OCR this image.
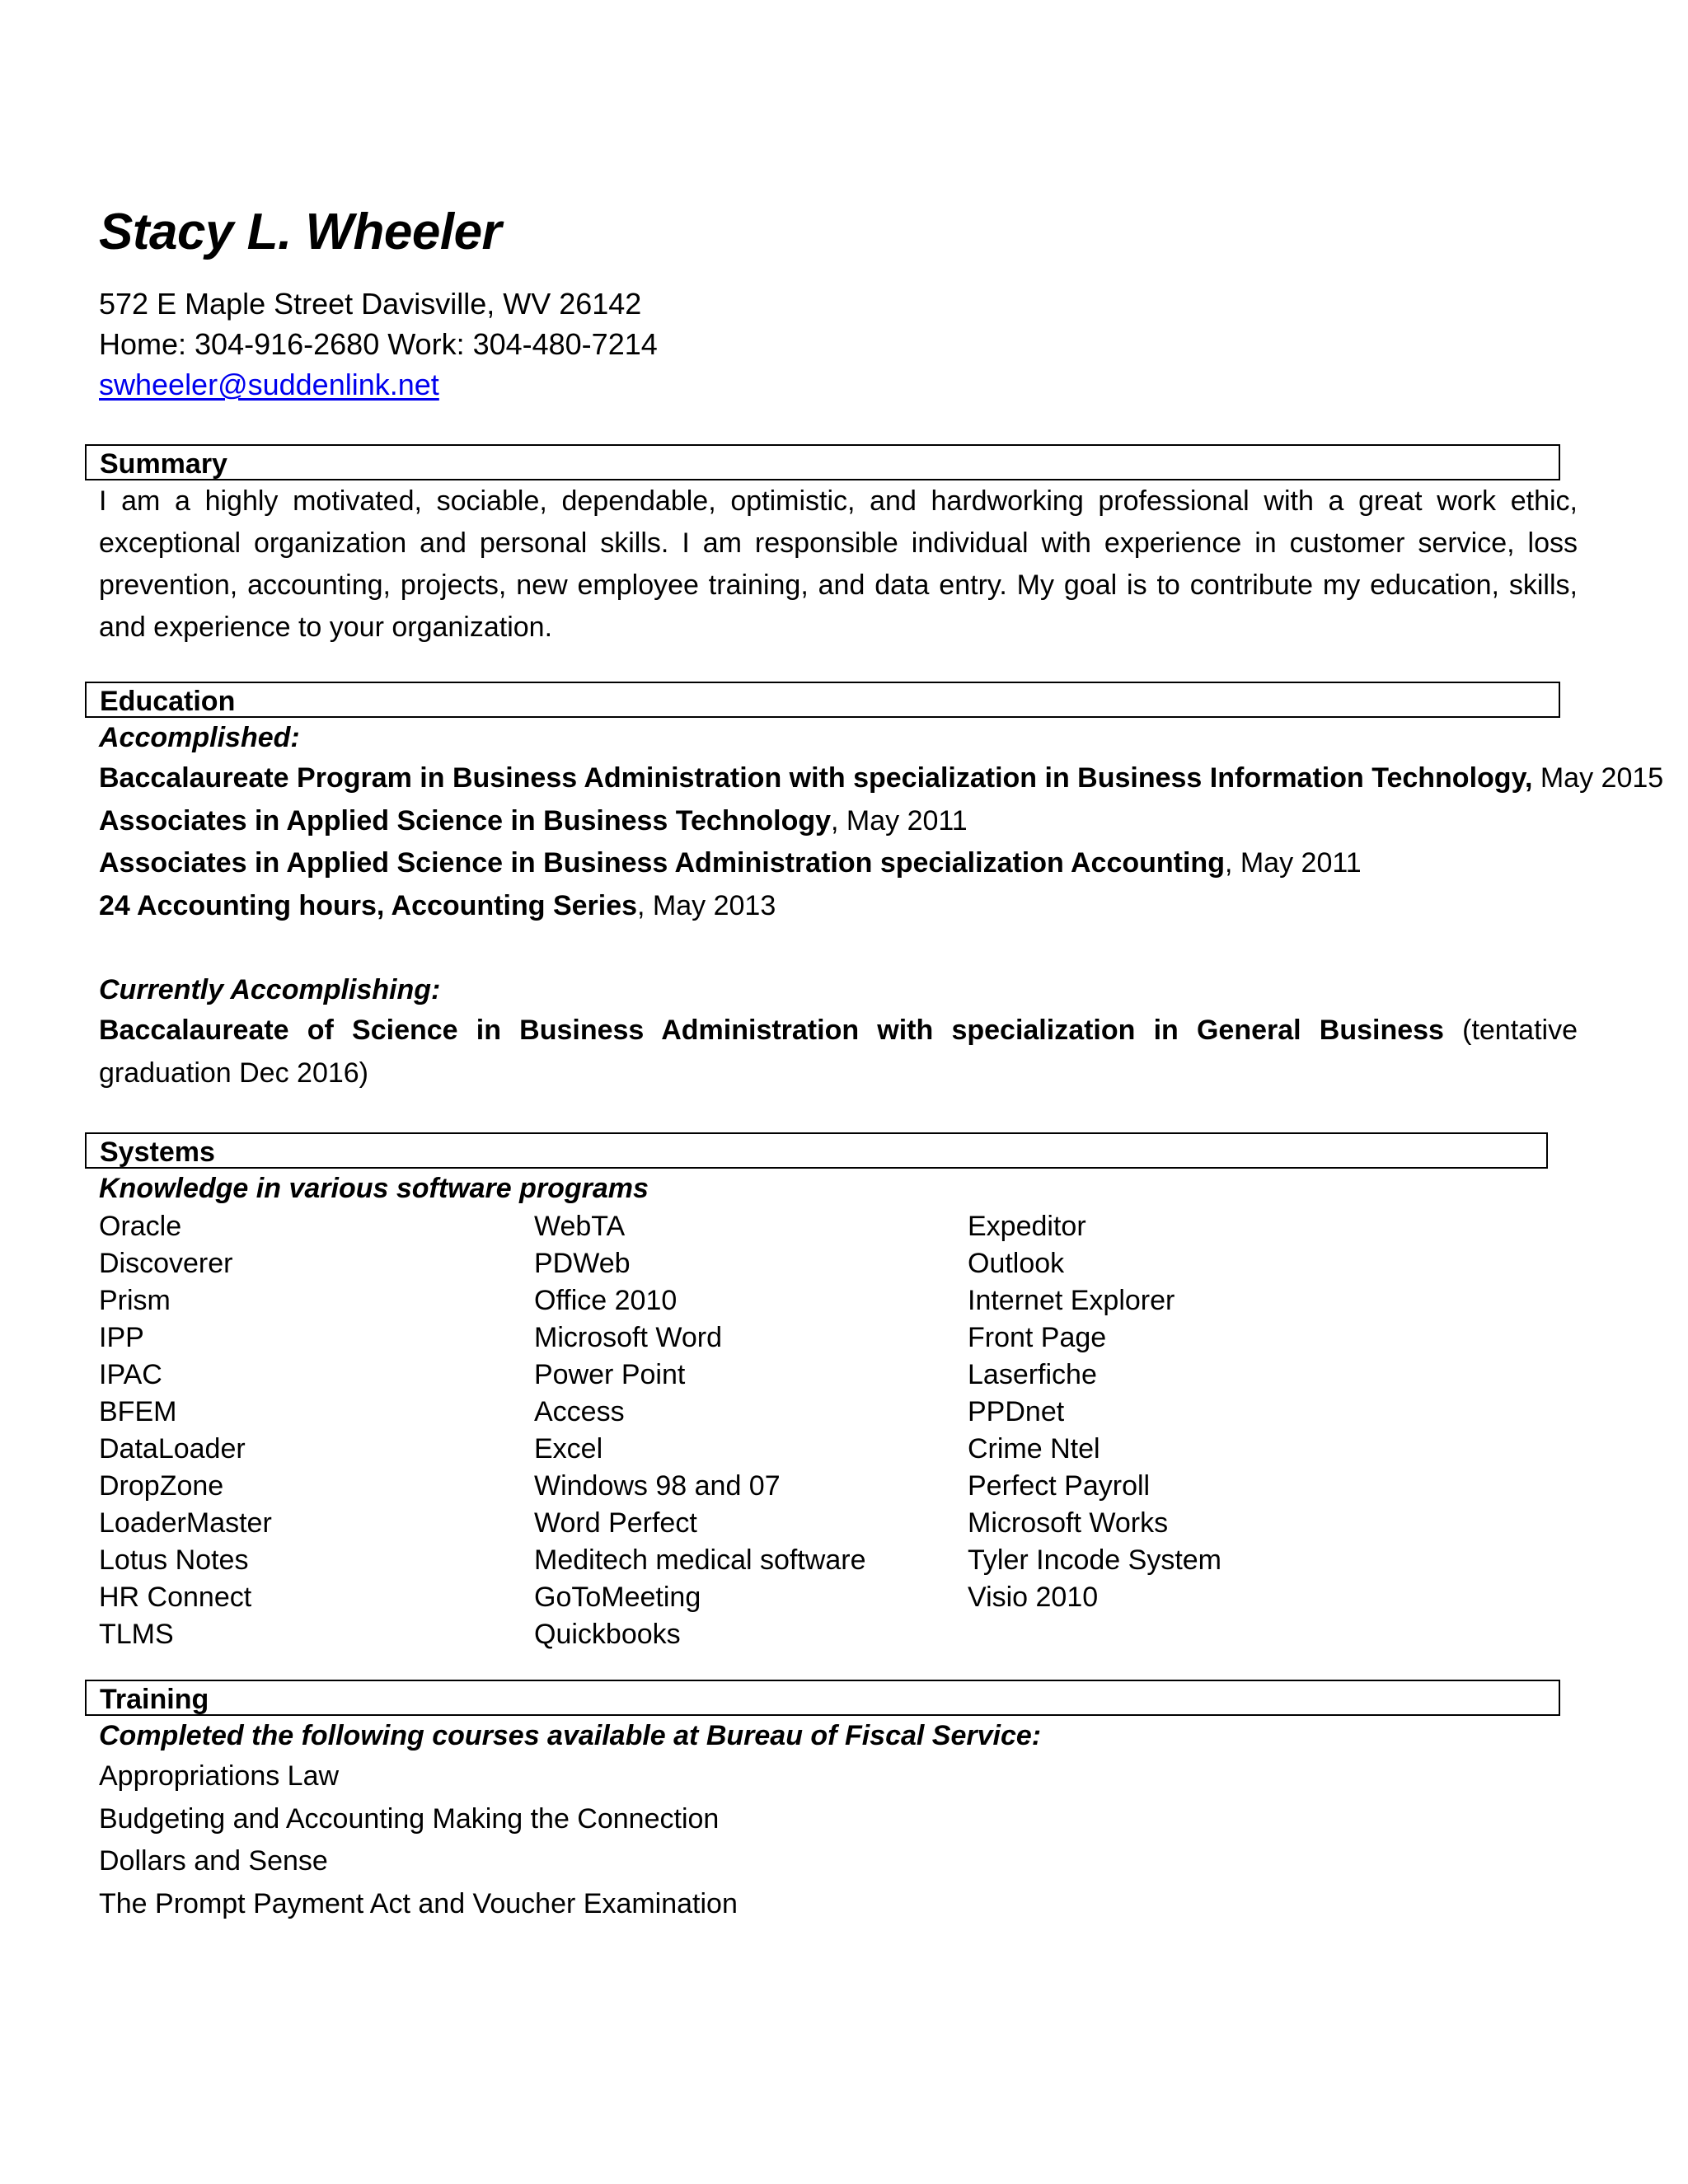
Stacy L. Wheeler
572 E Maple Street Davisville, WV 26142
Home: 304-916-2680 Work: 304-480-7214
swheeler@suddenlink.net
Summary
I am a highly motivated, sociable, dependable, optimistic, and hardworking professional with a great work ethic, exceptional organization and personal skills. I am responsible individual with experience in customer service, loss prevention, accounting, projects, new employee training, and data entry. My goal is to contribute my education, skills, and experience to your organization.
Education
Accomplished:
Baccalaureate Program in Business Administration with specialization in Business Information Technology, May 2015
Associates in Applied Science in Business Technology, May 2011
Associates in Applied Science in Business Administration specialization Accounting, May 2011
24 Accounting hours, Accounting Series, May 2013
Currently Accomplishing:
Baccalaureate of Science in Business Administration with specialization in General Business (tentative graduation Dec 2016)
Systems
Knowledge in various software programs
Oracle
Discoverer
Prism
IPP
IPAC
BFEM
DataLoader
DropZone
LoaderMaster
Lotus Notes
HR Connect
TLMS
WebTA
PDWeb
Office 2010
Microsoft Word
Power Point
Access
Excel
Windows 98 and 07
Word Perfect
Meditech medical software
GoToMeeting
Quickbooks
Expeditor
Outlook
Internet Explorer
Front Page
Laserfiche
PPDnet
Crime Ntel
Perfect Payroll
Microsoft Works
Tyler Incode System
Visio 2010
Training
Completed the following courses available at Bureau of Fiscal Service:
Appropriations Law
Budgeting and Accounting Making the Connection
Dollars and Sense
The Prompt Payment Act and Voucher Examination
